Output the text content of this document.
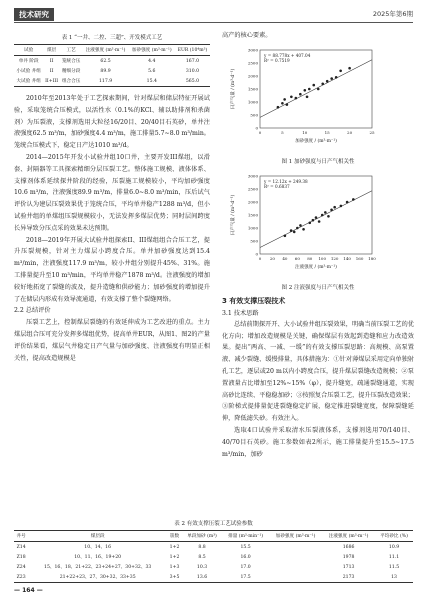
技术研究	2025年第6期
表 1 “一井、二控、三超”、开发模式工艺
试验	煤层	工艺	注液强度 (m³·m⁻¹)	加砂强度 (m³·m⁻¹)	EUR (10⁴m³)
单井 阶段	II	笼统合压	62.5	4.4	167.0
小试验 井组	II	精细分段	89.9	5.6	310.0
大试验 井组	II+III	组合合压	117.9	15.4	565.0

2010年至2013年处于工艺探索期间，针对煤层和储层特征开展试验，采取笼统合压模式，以活性水（0.1%的KCl、辅以助排剂和杀菌剂）为压裂液，支撑剂选用大粒径16/20目、20/40目石英砂，单井注液强度62.5 m³/m，加砂强度4.4 m³/m，施工排量5.7~8.0 m³/min。笼统合压模式下，稳定日产达1010 m³/d。

2014—2015年开发小试验井组10口井，主要开发III煤组，以滑套、封隔器等工具探索精细分层压裂工艺。整体施工规模、液体体系、支撑剂体系延续探井阶段的经验，压裂施工规模较小，平均加砂强度10.6 m³/m，注液强度89.9 m³/m，排量6.0~8.0 m³/min，压后试气评价认为建层压裂效果优于笼统合压，平均单井稳产1288 m³/d，但小试验井组的单煤组压裂规模较小，无法发挥多煤层优势；同时层间跨度长异导致分压点采的效果未达预期。

2018—2019年开展大试验井组探索II、III煤组组合合压工艺，提升压裂规模，针对主力煤层小跨度合压。单井加砂强度达到15.4 m³/min，注液强度117.9 m³/m，较小井组分别提升45%、31%。施工排量提升至10 m³/min，平均单井稳产1878 m³/d。注液强度的增加较好地拓宽了裂缝的波及，提升造缝和供砂能力；加砂强度的增加提升了在储层内形成有效导流通道，有效支撑了整个裂缝网络。

2.2 总结评价

压裂工艺上，控制煤层裂缝的有效延伸成为工艺改进的重点。主力煤层组合压可充分发挥多煤组优势，提高单井EUR，从图1、图2的产量评价结果看，煤层气井稳定日产气量与加砂强度、注液强度有明显正相关性，提高改造规模是

高产的核心要素。

0	5	10	15	20	25
0
500
1000
1500
2000
2500
3000
加砂强度 / (m³·m⁻¹)
日产气量 / (m³·d⁻¹)
y = 88.778x + 407.04
R² = 0.7519
图 1 加砂强度与日产气相关性
0 20 40 60 80 100 120 140 160 180
0
500
1000
1500
2000
2500
3000
注液强度 / (m³·m⁻¹)
日产气量 / (m³·d⁻¹)
y = 12.12x + 249.38
R² = 0.6837
图 2 注液强度与日产气相关性
3 有效支撑压裂技术
3.1 技术思路

总结前期探开开、大小试验井组压裂效果，明确当前压裂工艺的优化方向；增加改造规模是关键，确保煤层有效起到造缝和应力改造效果。提出“两高、一减、一缓”的有效支撑压裂思路：高规模、高泵置液、减少裂缝、缓慢排量，具体措施为：①针对薄煤层采用定向单独射孔工艺，逐层或20 m以内小跨度合压，提升煤层裂缝改造规模；②泵置液量占比增加至12%~15%（φ），提升缝宽，疏通裂缝通道，实现高砂比连续、平稳稳加砂；③按照复合压裂工艺，提升压裂改造效果；③阶梯式提排量促进裂缝稳定扩展，稳定推进裂缝宽度，保障裂缝延伸，降低滤失砂。有效注入。

选取4口试验井采取清水压裂液体系，支撑剂选用70/140目、40/70目石英砂。施工参数如表2所示，施工排量提升至15.5~17.5 m³/min，加砂

表 2 有效支撑压裂工艺试验参数
井号	煤层段	簇数	单段加砂 (m³)	排量 (m³·min⁻¹)	加砂强度 (m³·m⁻¹)	注液强度 (m³·m⁻¹)	平均砂比 (%)
Z14	10、14、16	1+2	8.8	15.5		1686	10.9
Z18	10、11、16、19+20	1+2	8.5	16.0		1978	11.1
Z24	15、16、18、21+22、23+24+27、30+32、33	1+3	10.3	17.0		1713	11.5
Z23	21+22+23、27、30+32、33+35	3+5	13.6	17.5		2173	13
— 164 —
